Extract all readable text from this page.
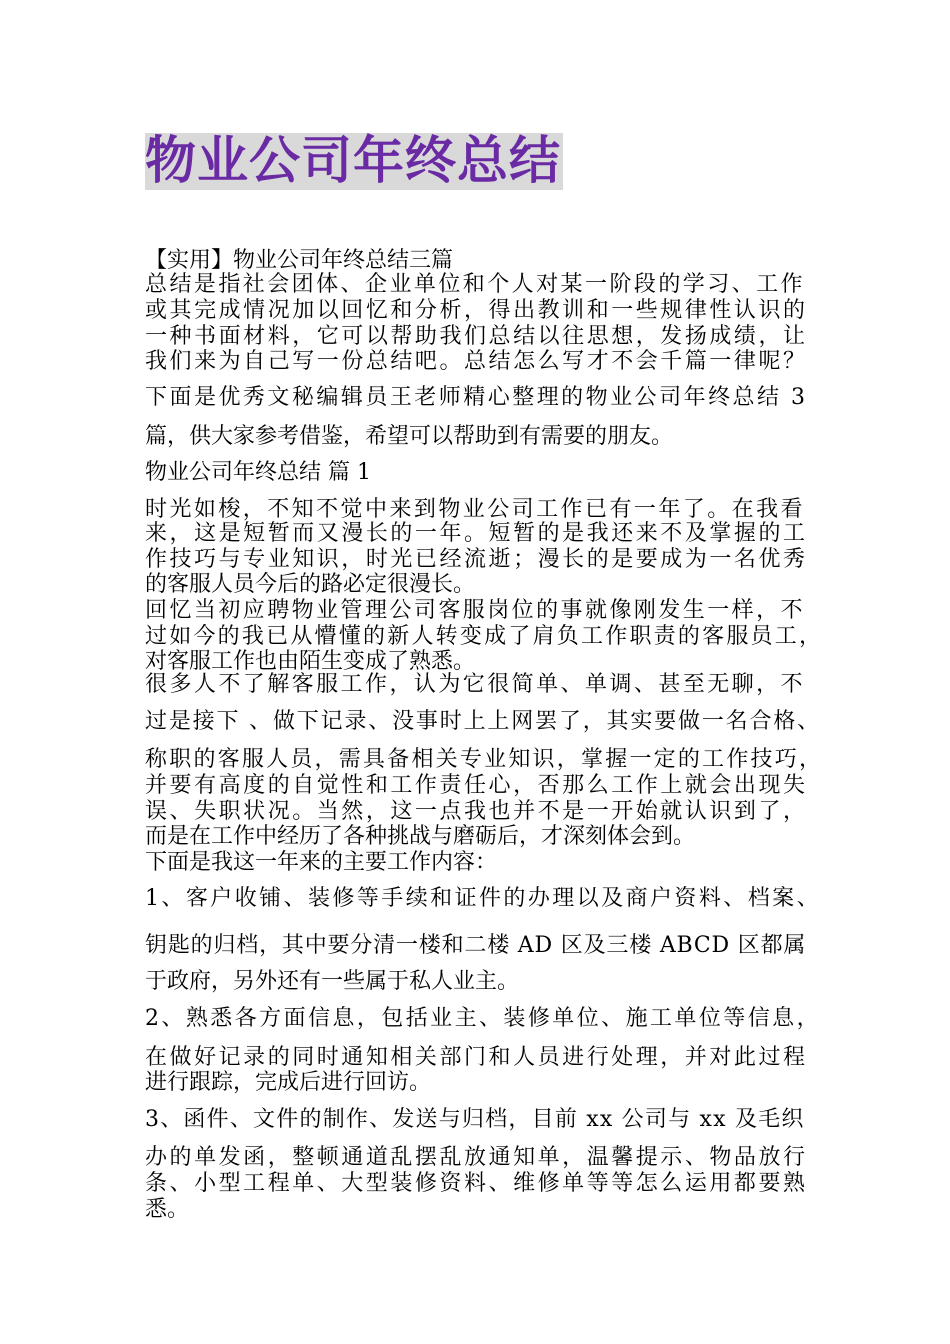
物业公司年终总结
【实用】物业公司年终总结三篇
总结是指社会团体、企业单位和个人对某一阶段的学习、工作
或其完成情况加以回忆和分析，得出教训和一些规律性认识的
一种书面材料，它可以帮助我们总结以往思想，发扬成绩，让
我们来为自己写一份总结吧。总结怎么写才不会千篇一律呢？
下面是优秀文秘编辑员王老师精心整理的物业公司年终总结 3
篇，供大家参考借鉴，希望可以帮助到有需要的朋友。
物业公司年终总结 篇 1
时光如梭，不知不觉中来到物业公司工作已有一年了。在我看
来，这是短暂而又漫长的一年。短暂的是我还来不及掌握的工
作技巧与专业知识，时光已经流逝；漫长的是要成为一名优秀
的客服人员今后的路必定很漫长。
回忆当初应聘物业管理公司客服岗位的事就像刚发生一样，不
过如今的我已从懵懂的新人转变成了肩负工作职责的客服员工，
对客服工作也由陌生变成了熟悉。
很多人不了解客服工作，认为它很简单、单调、甚至无聊，不
过是接下 、做下记录、没事时上上网罢了，其实要做一名合格、
称职的客服人员，需具备相关专业知识，掌握一定的工作技巧，
并要有高度的自觉性和工作责任心，否那么工作上就会出现失
误、失职状况。当然，这一点我也并不是一开始就认识到了，
而是在工作中经历了各种挑战与磨砺后，才深刻体会到。
下面是我这一年来的主要工作内容：
1、客户收铺、装修等手续和证件的办理以及商户资料、档案、
钥匙的归档，其中要分清一楼和二楼 AD 区及三楼 ABCD 区都属
于政府，另外还有一些属于私人业主。
2、熟悉各方面信息，包括业主、装修单位、施工单位等信息，
在做好记录的同时通知相关部门和人员进行处理，并对此过程
进行跟踪，完成后进行回访。
3、函件、文件的制作、发送与归档，目前 xx 公司与 xx 及毛织
办的单发函，整顿通道乱摆乱放通知单，温馨提示、物品放行
条、小型工程单、大型装修资料、维修单等等怎么运用都要熟
悉。
